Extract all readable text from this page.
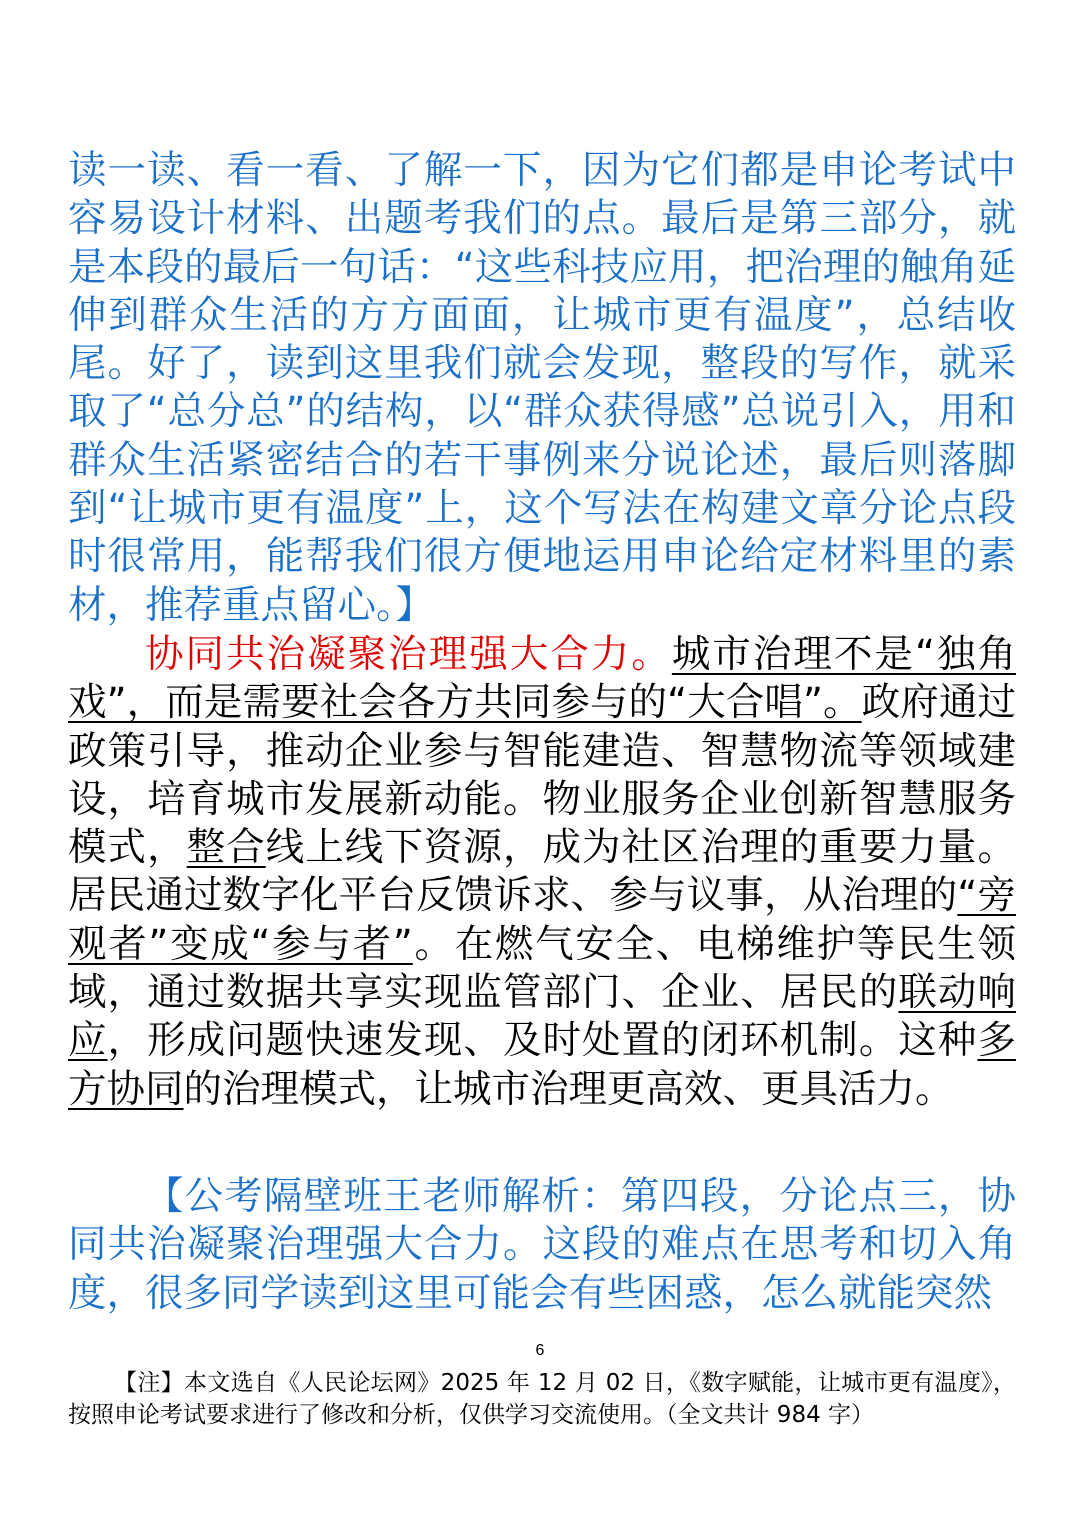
读一读、看一看、了解一下，因为它们都是申论考试中容易设计材料、出题考我们的点。最后是第三部分，就是本段的最后一句话：“这些科技应用，把治理的触角延伸到群众生活的方方面面，让城市更有温度”，总结收尾。好了，读到这里我们就会发现，整段的写作，就采取了“总分总”的结构，以“群众获得感”总说引入，用和群众生活紧密结合的若干事例来分说论述，最后则落脚到“让城市更有温度”上，这个写法在构建文章分论点段时很常用，能帮我们很方便地运用申论给定材料里的素材，推荐重点留心。】

协同共治凝聚治理强大合力。城市治理不是“独角戏”，而是需要社会各方共同参与的“大合唱”。政府通过政策引导，推动企业参与智能建造、智慧物流等领域建设，培育城市发展新动能。物业服务企业创新智慧服务模式，整合线上线下资源，成为社区治理的重要力量。居民通过数字化平台反馈诉求、参与议事，从治理的“旁观者”变成“参与者”。在燃气安全、电梯维护等民生领域，通过数据共享实现监管部门、企业、居民的联动响应，形成问题快速发现、及时处置的闭环机制。这种多方协同的治理模式，让城市治理更高效、更具活力。

【公考隔壁班王老师解析：第四段，分论点三，协同共治凝聚治理强大合力。这段的难点在思考和切入角度，很多同学读到这里可能会有些困惑，怎么就能突然

6

【注】本文选自《人民论坛网》2025 年 12 月 02 日，《数字赋能，让城市更有温度》，按照申论考试要求进行了修改和分析，仅供学习交流使用。（全文共计 984 字）
